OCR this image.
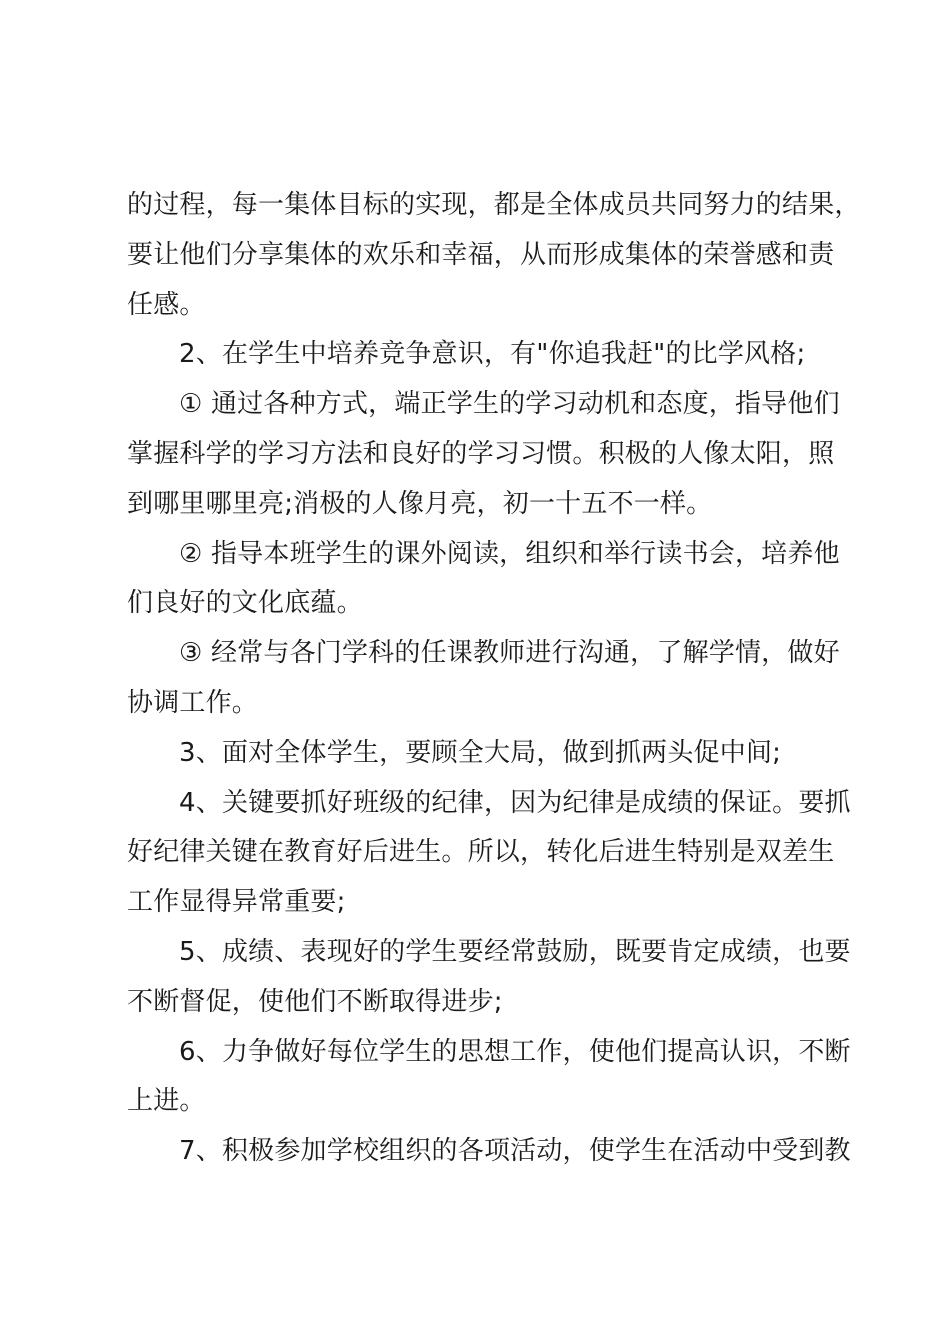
的过程，每一集体目标的实现，都是全体成员共同努力的结果，
要让他们分享集体的欢乐和幸福，从而形成集体的荣誉感和责
任感。
2、在学生中培养竞争意识，有"你追我赶"的比学风格;
① 通过各种方式，端正学生的学习动机和态度，指导他们
掌握科学的学习方法和良好的学习习惯。积极的人像太阳，照
到哪里哪里亮;消极的人像月亮，初一十五不一样。
② 指导本班学生的课外阅读，组织和举行读书会，培养他
们良好的文化底蕴。
③ 经常与各门学科的任课教师进行沟通，了解学情，做好
协调工作。
3、面对全体学生，要顾全大局，做到抓两头促中间;
4、关键要抓好班级的纪律，因为纪律是成绩的保证。要抓
好纪律关键在教育好后进生。所以，转化后进生特别是双差生
工作显得异常重要;
5、成绩、表现好的学生要经常鼓励，既要肯定成绩，也要
不断督促，使他们不断取得进步;
6、力争做好每位学生的思想工作，使他们提高认识，不断
上进。
7、积极参加学校组织的各项活动，使学生在活动中受到教
